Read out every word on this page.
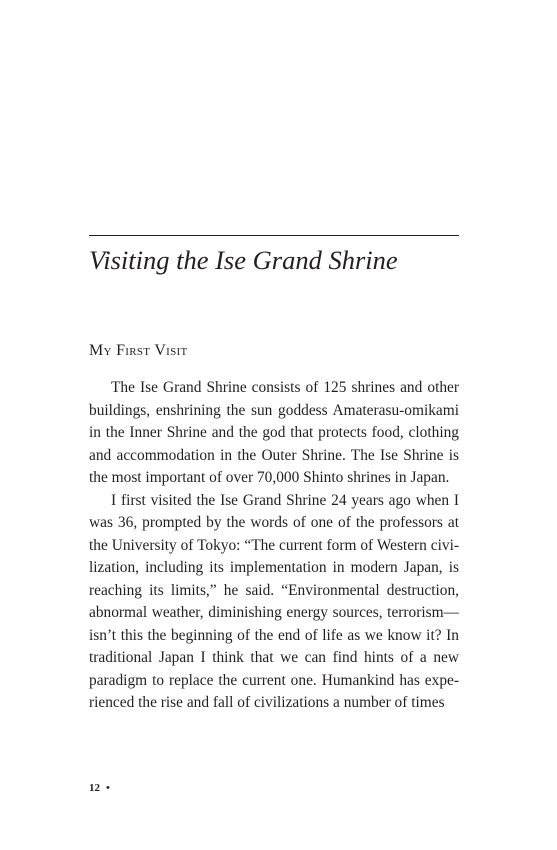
Visiting the Ise Grand Shrine
My First Visit

The Ise Grand Shrine consists of 125 shrines and other buildings, enshrining the sun goddess Amaterasu-omikami in the Inner Shrine and the god that protects food, clothing and accommodation in the Outer Shrine. The Ise Shrine is the most important of over 70,000 Shinto shrines in Japan.

I first visited the Ise Grand Shrine 24 years ago when I was 36, prompted by the words of one of the professors at the University of Tokyo: “The current form of Western civilization, including its implementation in modern Japan, is reaching its limits,” he said. “Environmental destruction, abnormal weather, diminishing energy sources, terrorism—isn’t this the beginning of the end of life as we know it? In traditional Japan I think that we can find hints of a new paradigm to replace the current one. Humankind has experienced the rise and fall of civilizations a number of times

12 •
